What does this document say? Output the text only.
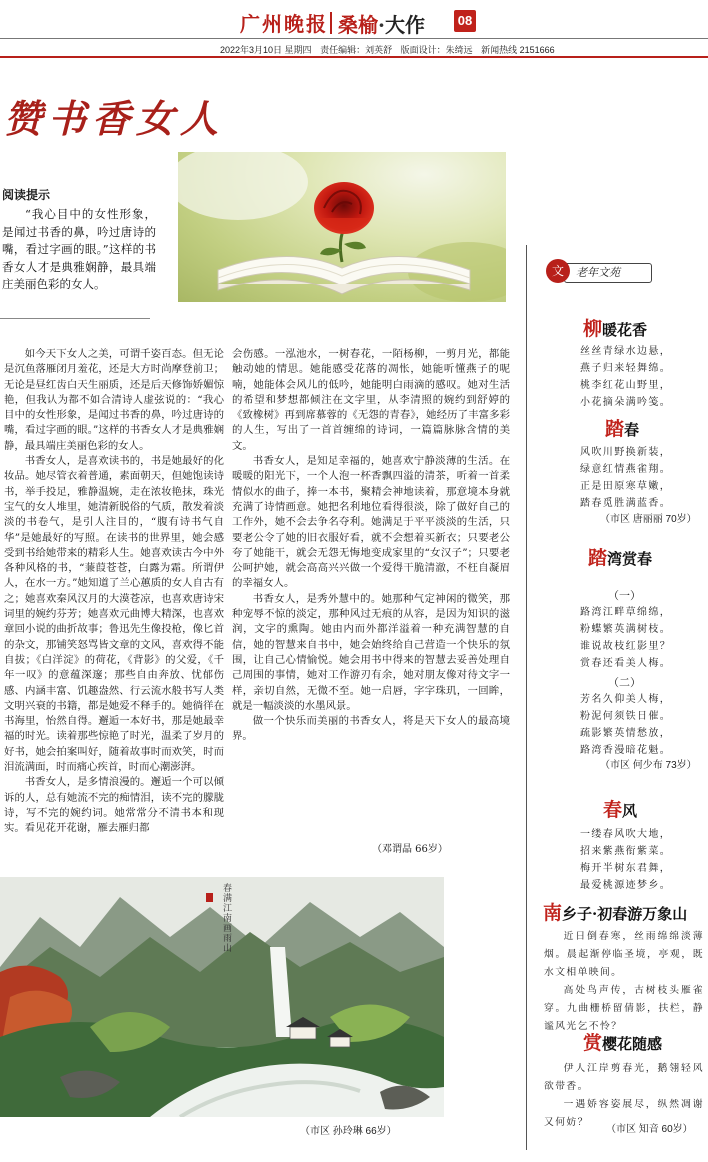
广州晚报 桑榆·大作	08
2022年3月10日 星期四 责任编辑：刘英舒 版面设计：朱绮远 新闻热线 2151666
赞书香女人
阅读提示
“我心目中的女性形象，是闻过书香的鼻，吟过唐诗的嘴，看过字画的眼。”这样的书香女人才是典雅娴静，最具端庄美丽色彩的女人。

如今天下女人之美，可谓千姿百态。但无论是沉鱼落雁闭月羞花，还是大方时尚摩登前卫；无论是昼红齿白天生丽质，还是后天修饰娇媚惊艳，但我认为都不如合清诗人虚弦说的：“我心目中的女性形象，是闻过书香的鼻，吟过唐诗的嘴，看过字画的眼。”这样的书香女人才是典雅娴静，最具端庄美丽色彩的女人。

书香女人，是喜欢读书的，书是她最好的化妆品。她尽管衣着普通，素面朝天，但她饱读诗书，举手投足，雅静温婉，走在浓妆艳抹，珠光宝气的女人堆里，她清新脱俗的气质，散发着淡淡的书卷气，是引人注目的，“腹有诗书气自华”是她最好的写照。在读书的世界里，她会感受到书给她带来的精彩人生。她喜欢读古今中外各种风格的书，“蒹葭苍苍，白露为霜。所谓伊人，在水一方。”她知道了兰心蕙质的女人自古有之；她喜欢秦风汉月的大漠苍凉，也喜欢唐诗宋词里的婉约芬芳；她喜欢元曲博大精深，也喜欢章回小说的曲折故事；鲁迅先生像投枪，像匕首的杂文，那铺笑怒骂皆文章的文风，喜欢得不能自拔；《白洋淀》的荷花，《背影》的父爱，《千年一叹》的意蕴深邃；那些自由奔放、忧郁伤感、内涵丰富、饥趣盎然、行云流水般书写人类文明兴衰的书籍，都是她爱不释手的。她徜徉在书海里，怡然自得。邂逅一本好书，那是她最幸福的时光。读着那些惊艳了时光，温柔了岁月的好书，她会拍案叫好，随着故事时而欢笑，时而泪流满面，时而痛心疾首，时而心潮澎湃。

书香女人，是多情浪漫的。邂逅一个可以倾诉的人，总有她流不完的痴情泪，读不完的朦胧诗，写不完的婉约词。她常常分不清书本和现实。看见花开花谢，雁去雁归都

会伤感。一泓池水，一树春花，一陌杨柳，一剪月光，都能触动她的情思。她能感受花落的凋怅，她能听懂燕子的呢喃，她能体会风儿的低吟，她能明白雨滴的感叹。她对生活的希望和梦想都倾注在文字里，从李清照的婉约到舒婷的《致橡树》再到席慕蓉的《无怨的青春》，她经历了丰富多彩的人生，写出了一首首缠绵的诗词，一篇篇脉脉含情的美文。

书香女人，是知足幸福的，她喜欢宁静淡薄的生活。在暖暖的阳光下，一个人泡一杯香飘四溢的清茶，听着一首柔情似水的曲子，捧一本书，聚精会神地读着，那意境本身就充满了诗情画意。她把名利地位看得很淡，除了做好自己的工作外，她不会去争名夺利。她满足于平平淡淡的生活，只要老公令了她的旧衣服好看，就不会想着买新衣；只要老公夸了她能干，就会无怨无悔地变成家里的“女汉子”；只要老公呵护她，就会高高兴兴做一个爱得干脆清澈，不枉自凝眉的幸福女人。

书香女人，是秀外慧中的。她那种气定神闲的微笑，那种宠辱不惊的淡定，那种风过无痕的从容，是因为知识的滋润，文字的熏陶。她由内而外都洋溢着一种充满智慧的自信，她的智慧来自书中，她会始终给自己营造一个快乐的氛围，让自己心情愉悦。她会用书中得来的智慧去妥善处理自己周围的事情，她对工作游刃有余，她对朋友像对待文字一样，亲切自然，无微不至。她一启唇，字字珠玑，一回眸，就是一幅淡淡的水墨风景。

做一个快乐而美丽的书香女人，将是天下女人的最高境界。

（邓谓晶 66岁）
春满江南画雨山
（市区 孙玲琳 66岁）
文	老年文苑
柳暖花香
丝丝青绿水边悬，
燕子归来轻舞绵。
桃李红花山野里，
小花摘朵满吟笺。
踏春
风吹川野换新装，
绿意红情燕雀翔。
正是田原寒草嫩，
踏春觅胜满蓝香。
（市区 唐丽丽 70岁）
踏湾赏春
（一）
路湾江畔草绵绵，
粉蝶繁英满树枝。
谁说故枝红影里？
赏春还看美人梅。
（二）
芳名久仰美人梅，
粉泥何须铁日催。
疏影繁英情愁放，
路湾香漫暗花魁。
（市区 何少布 73岁）
春风
一缕春风吹大地，
招来紫燕衔紫菜。
梅开半树东君舞，
最爱桃源迹梦乡。
南乡子·初春游万象山

近日倒春寒，丝雨绵绵淡薄烟。晨起渐停临圣境，亭观，既水文相单映间。

高处鸟声传，古树枝头雁雀穿。九曲栅桥留倩影，扶栏，静谧风光乞不怜？

赏樱花随感

伊人江岸剪春光，鹅翎轻风欲带香。

一遇娇容姿展尽，纵然凋谢又何妨？

（市区 知音 60岁）
